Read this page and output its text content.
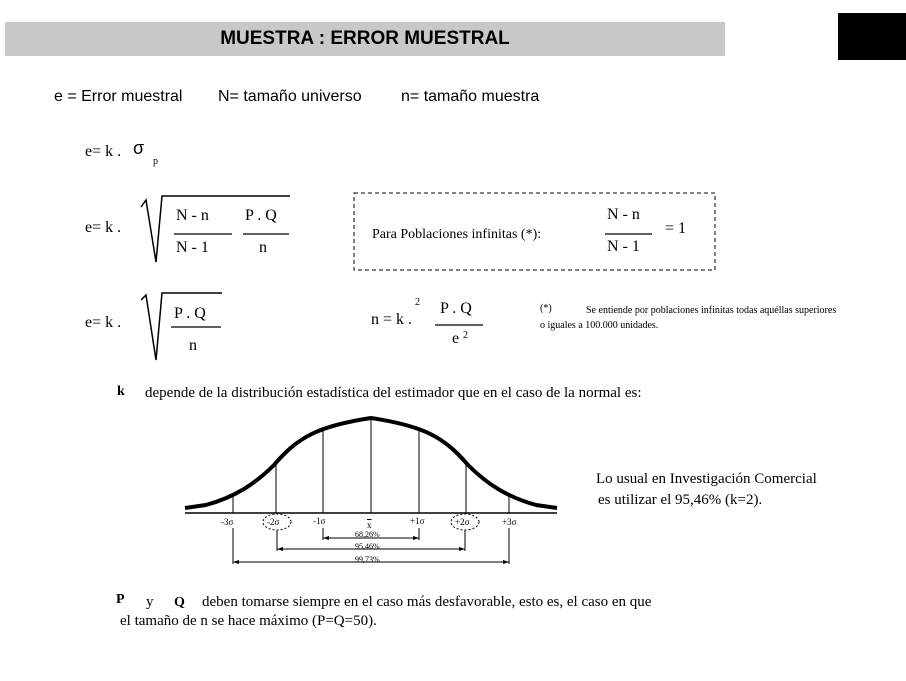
MUESTRA : ERROR MUESTRAL
e = Error muestral N= tamaño universo n= tamaño muestra
e= k . σ
p
e= k .
N - n
N - 1
P . Q
n
Para Poblaciones infinitas (*):
N - n
N - 1
= 1
e= k .
P . Q
n
n = k .
2 P . Q
e 2
(*)	Se entiende por poblaciones infinitas todas aquéllas superiores o iguales a 100.000 unidades.
k depende de la distribución estadística del estimador que en el caso de la normal es:
-3σ	-2σ	-1σ	$\overline{x}$	+1σ	+2σ	+3σ
68,26%
95,46%
99,73%
Lo usual en Investigación Comercial
es utilizar el 95,46% (k=2).
P y Q deben tomarse siempre en el caso más desfavorable, esto es, el caso en que
el tamaño de n se hace máximo (P=Q=50).
